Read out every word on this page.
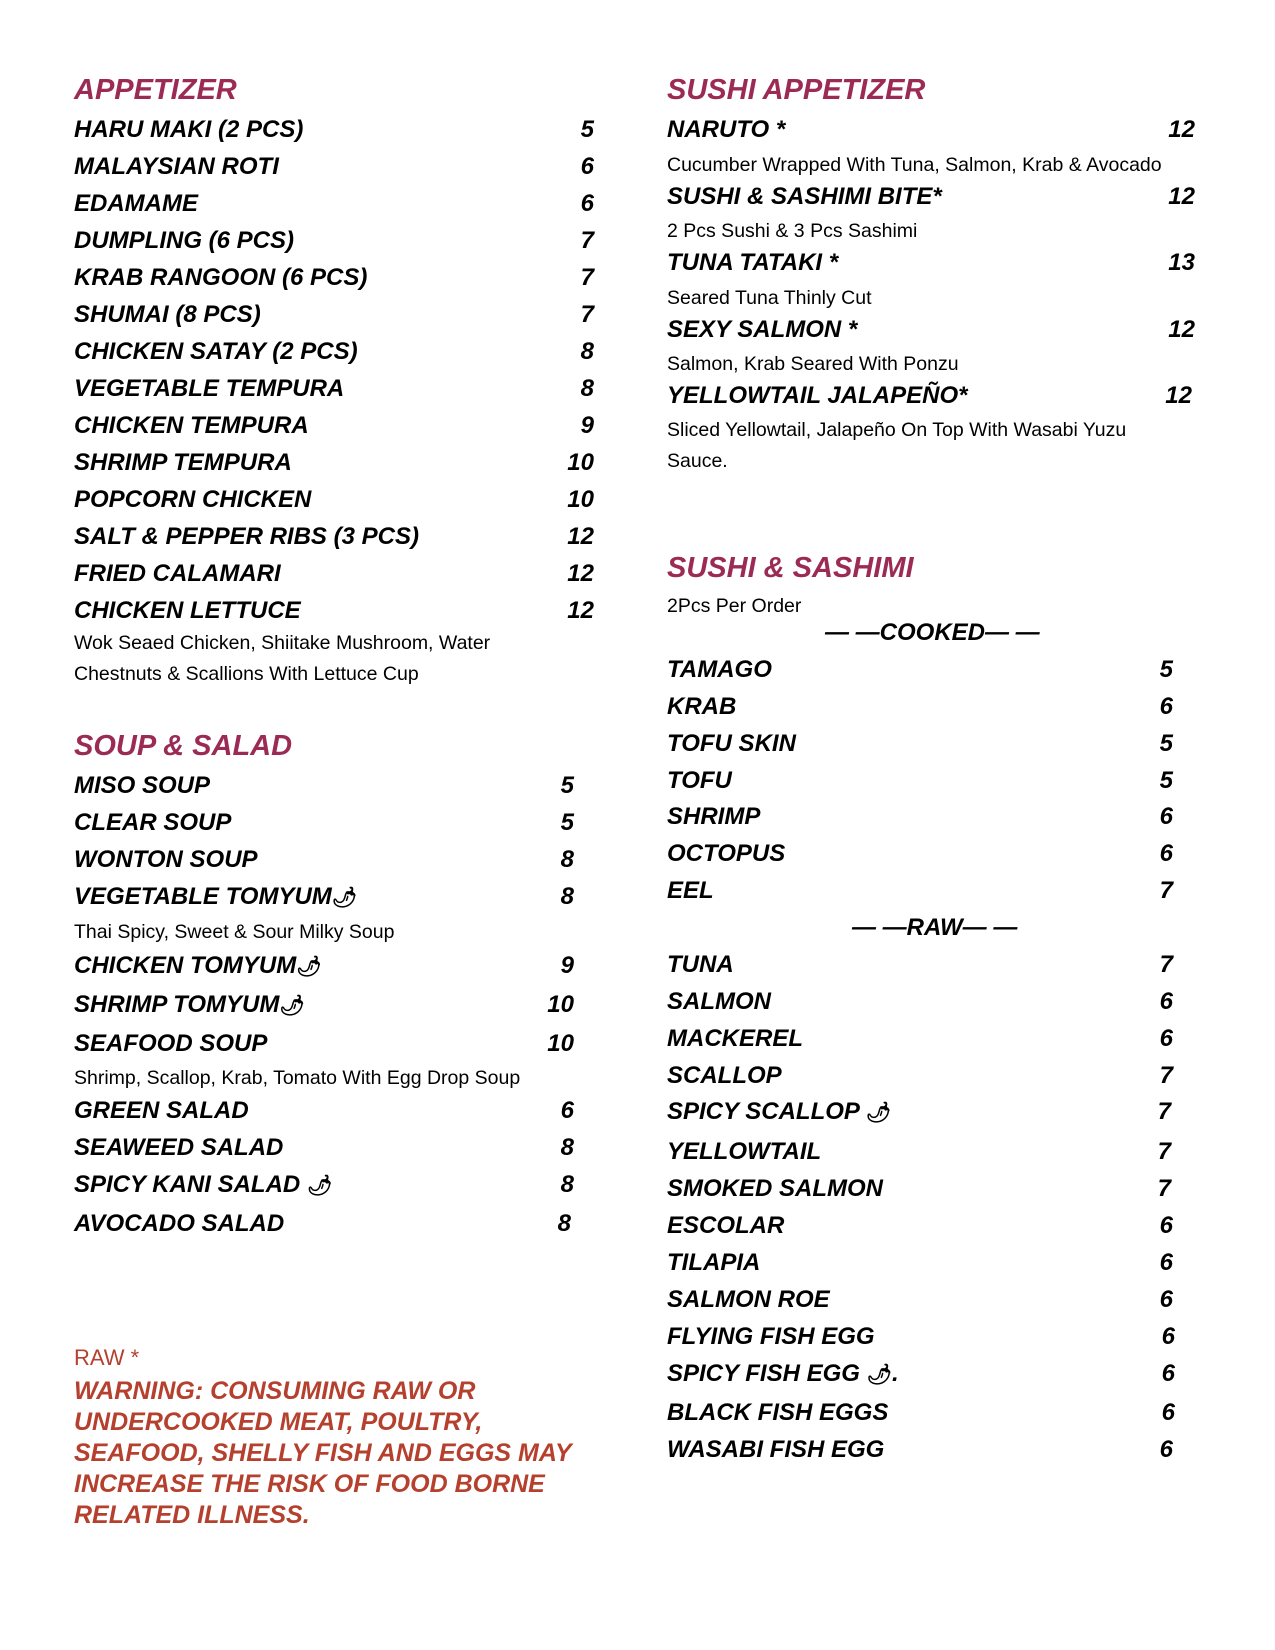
APPETIZER
HARU MAKI (2 PCS)	5
MALAYSIAN ROTI	6
EDAMAME	6
DUMPLING (6 PCS)	7
KRAB RANGOON (6 PCS)	7
SHUMAI (8 PCS)	7
CHICKEN SATAY (2 PCS)	8
VEGETABLE TEMPURA	8
CHICKEN TEMPURA	9
SHRIMP TEMPURA	10
POPCORN CHICKEN	10
SALT & PEPPER RIBS (3 PCS)	12
FRIED CALAMARI	12
CHICKEN LETTUCE	12
Wok Seaed Chicken, Shiitake Mushroom, Water Chestnuts & Scallions With Lettuce Cup
SOUP & SALAD
MISO SOUP	5
CLEAR SOUP	5
WONTON SOUP	8
VEGETABLE TOMYUM🌶	8
Thai Spicy, Sweet & Sour Milky Soup
CHICKEN TOMYUM🌶	9
SHRIMP TOMYUM🌶	10
SEAFOOD SOUP	10
Shrimp, Scallop, Krab, Tomato With Egg Drop Soup
GREEN SALAD	6
SEAWEED SALAD	8
SPICY KANI SALAD 🌶	8
AVOCADO SALAD	8
RAW *
WARNING: CONSUMING RAW OR UNDERCOOKED MEAT, POULTRY, SEAFOOD, SHELLY FISH AND EGGS MAY INCREASE THE RISK OF FOOD BORNE RELATED ILLNESS.
SUSHI APPETIZER
NARUTO *	12
Cucumber Wrapped With Tuna, Salmon, Krab & Avocado
SUSHI & SASHIMI BITE*	12
2 Pcs Sushi & 3 Pcs Sashimi
TUNA TATAKI *	13
Seared Tuna Thinly Cut
SEXY SALMON *	12
Salmon, Krab Seared With Ponzu
YELLOWTAIL JALAPEÑO*	12
Sliced Yellowtail, Jalapeño On Top With Wasabi Yuzu Sauce.
SUSHI & SASHIMI
2Pcs Per Order
— —COOKED— —
TAMAGO	5
KRAB	6
TOFU SKIN	5
TOFU	5
SHRIMP	6
OCTOPUS	6
EEL	7
— —RAW— —
TUNA	7
SALMON	6
MACKEREL	6
SCALLOP	7
SPICY SCALLOP 🌶	7
YELLOWTAIL	7
SMOKED SALMON	7
ESCOLAR	6
TILAPIA	6
SALMON ROE	6
FLYING FISH EGG	6
SPICY FISH EGG 🌶.	6
BLACK FISH EGGS	6
WASABI FISH EGG	6
